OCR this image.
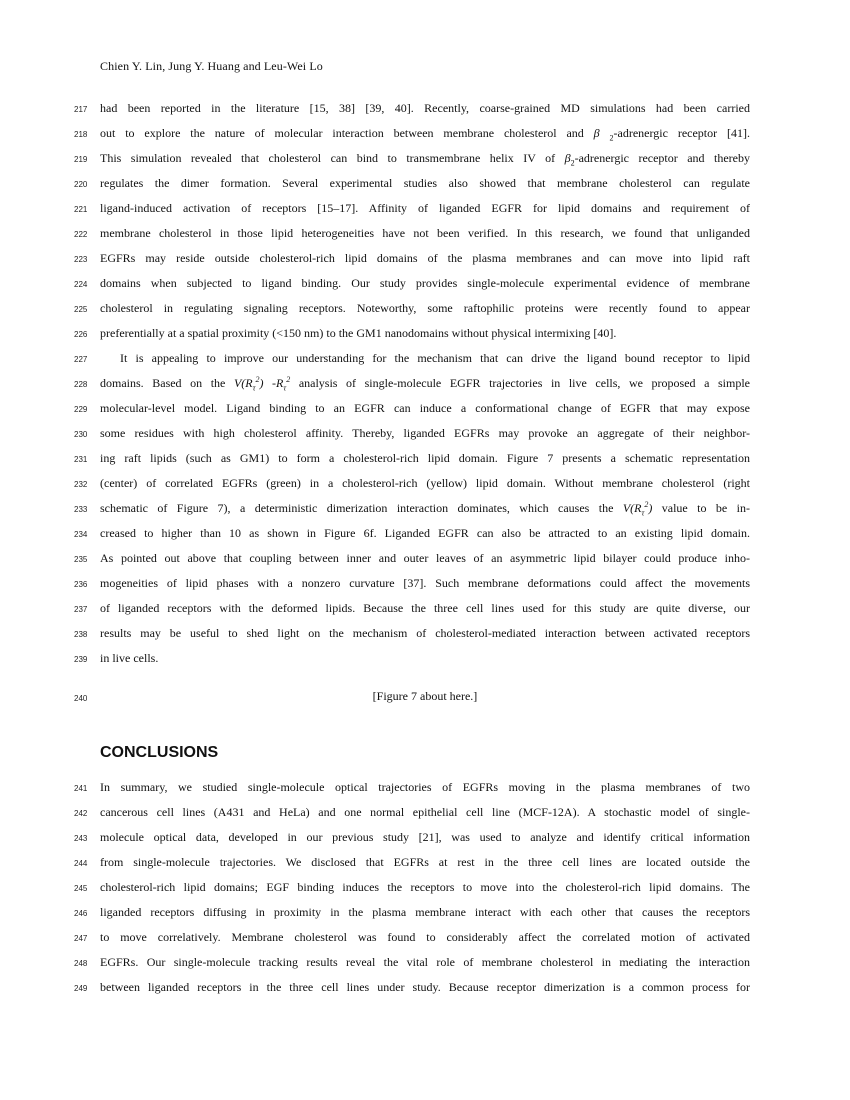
Chien Y. Lin, Jung Y. Huang and Leu-Wei Lo
217	had been reported in the literature [15, 38] [39, 40]. Recently, coarse-grained MD simulations had been carried
218	out to explore the nature of molecular interaction between membrane cholesterol and β $_2$-adrenergic receptor [41].
219	This simulation revealed that cholesterol can bind to transmembrane helix IV of $\beta_2$-adrenergic receptor and thereby
220	regulates the dimer formation. Several experimental studies also showed that membrane cholesterol can regulate
221	ligand-induced activation of receptors [15–17]. Affinity of liganded EGFR for lipid domains and requirement of
222	membrane cholesterol in those lipid heterogeneities have not been verified. In this research, we found that unliganded
223	EGFRs may reside outside cholesterol-rich lipid domains of the plasma membranes and can move into lipid raft
224	domains when subjected to ligand binding. Our study provides single-molecule experimental evidence of membrane
225	cholesterol in regulating signaling receptors. Noteworthy, some raftophilic proteins were recently found to appear
226	preferentially at a spatial proximity (<150 nm) to the GM1 nanodomains without physical intermixing [40].
227	It is appealing to improve our understanding for the mechanism that can drive the ligand bound receptor to lipid
228	domains. Based on the $V(R_\tau^2)$ $-R_\tau^2$ analysis of single-molecule EGFR trajectories in live cells, we proposed a simple
229	molecular-level model. Ligand binding to an EGFR can induce a conformational change of EGFR that may expose
230	some residues with high cholesterol affinity. Thereby, liganded EGFRs may provoke an aggregate of their neighbor-
231	ing raft lipids (such as GM1) to form a cholesterol-rich lipid domain. Figure 7 presents a schematic representation
232	(center) of correlated EGFRs (green) in a cholesterol-rich (yellow) lipid domain. Without membrane cholesterol (right
233	schematic of Figure 7), a deterministic dimerization interaction dominates, which causes the $V(R_\tau^2)$ value to be in-
234	creased to higher than 10 as shown in Figure 6f. Liganded EGFR can also be attracted to an existing lipid domain.
235	As pointed out above that coupling between inner and outer leaves of an asymmetric lipid bilayer could produce inho-
236	mogeneities of lipid phases with a nonzero curvature [37]. Such membrane deformations could affect the movements
237	of liganded receptors with the deformed lipids. Because the three cell lines used for this study are quite diverse, our
238	results may be useful to shed light on the mechanism of cholesterol-mediated interaction between activated receptors
239	in live cells.
240	[Figure 7 about here.]
CONCLUSIONS
241	In summary, we studied single-molecule optical trajectories of EGFRs moving in the plasma membranes of two
242	cancerous cell lines (A431 and HeLa) and one normal epithelial cell line (MCF-12A). A stochastic model of single-
243	molecule optical data, developed in our previous study [21], was used to analyze and identify critical information
244	from single-molecule trajectories. We disclosed that EGFRs at rest in the three cell lines are located outside the
245	cholesterol-rich lipid domains; EGF binding induces the receptors to move into the cholesterol-rich lipid domains. The
246	liganded receptors diffusing in proximity in the plasma membrane interact with each other that causes the receptors
247	to move correlatively. Membrane cholesterol was found to considerably affect the correlated motion of activated
248	EGFRs. Our single-molecule tracking results reveal the vital role of membrane cholesterol in mediating the interaction
249	between liganded receptors in the three cell lines under study. Because receptor dimerization is a common process for
